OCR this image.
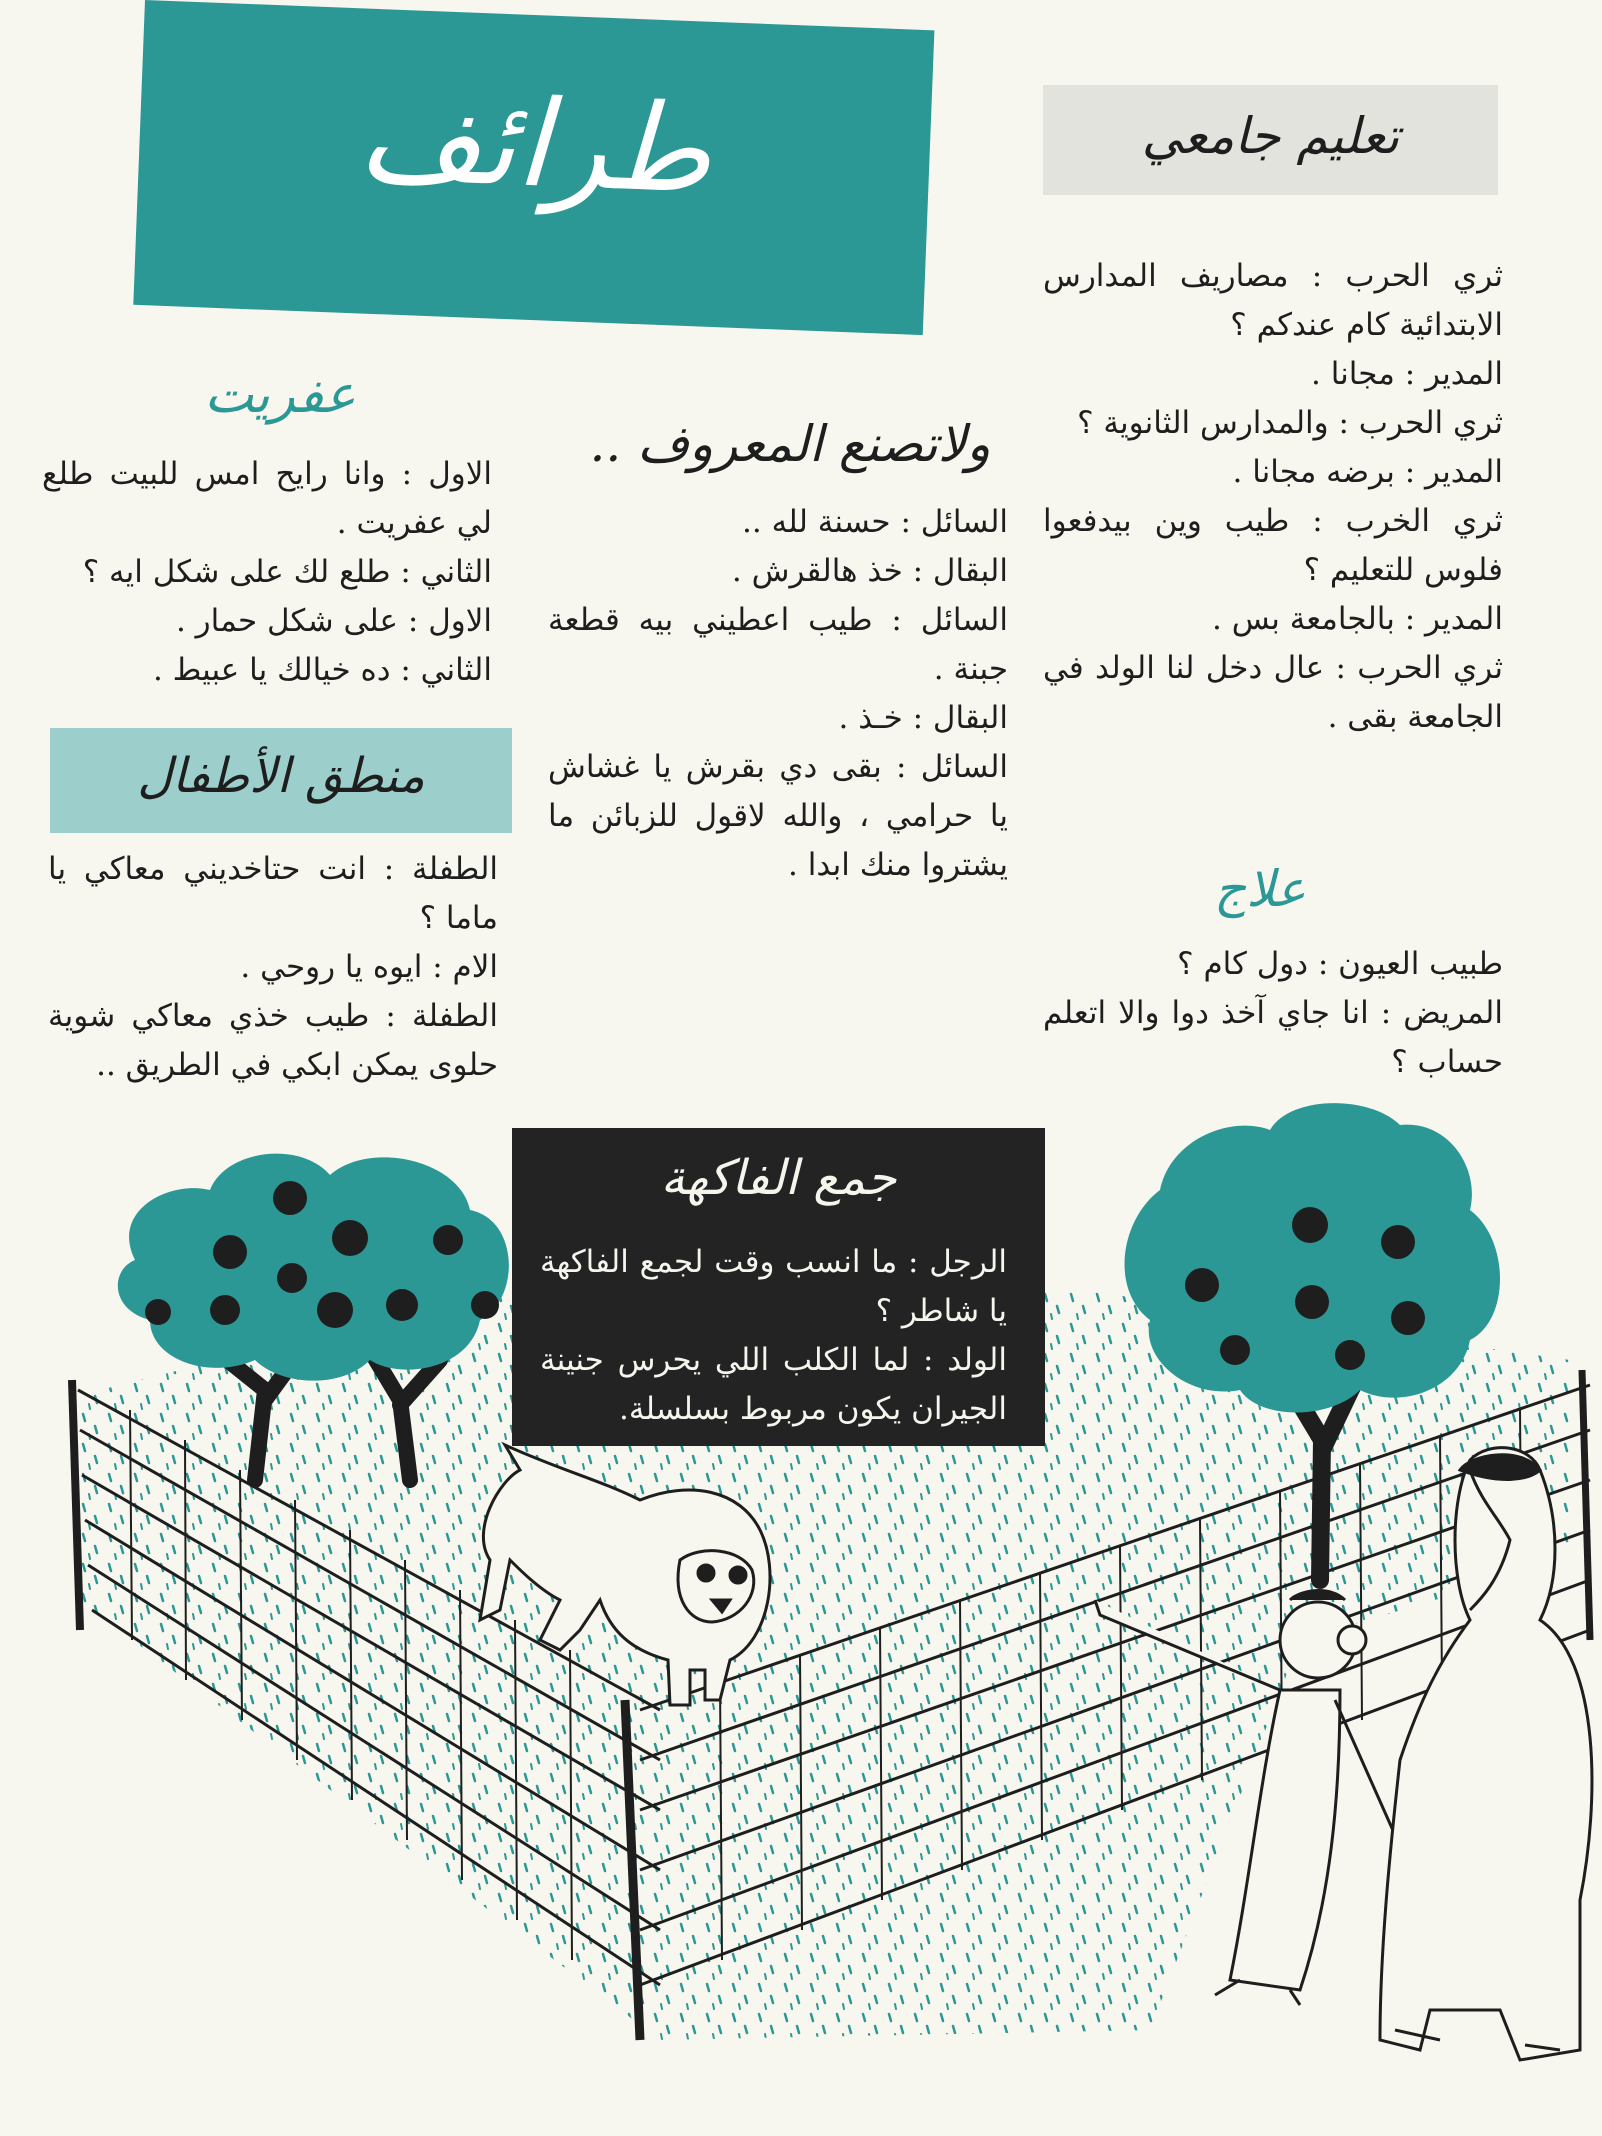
طرائف	تعليم جامعي

ثري الحرب : مصاريف المدارس الابتدائية كام عندكم ؟

المدير : مجانا .

ثري الحرب : والمدارس الثانوية ؟

المدير : برضه مجانا .

ثري الخرب : طيب وين بيدفعوا فلوس للتعليم ؟

المدير : بالجامعة بس .

ثري الحرب : عال دخل لنا الولد في الجامعة بقى .

عفريت

الاول : وانا رايح امس للبيت طلع لي عفريت .

الثاني : طلع لك على شكل ايه ؟

الاول : على شكل حمار .

الثاني : ده خيالك يا عبيط .

ولاتصنع المعروف ..

السائل : حسنة لله ..

البقال : خذ هالقرش .

السائل : طيب اعطيني بيه قطعة جبنة .

البقال : خـذ .

السائل : بقى دي بقرش يا غشاش يا حرامي ، والله لاقول للزبائن ما يشتروا منك ابدا .

منطق الأطفال

الطفلة : انت حتاخديني معاكي يا ماما ؟

الام : ايوه يا روحي .

الطفلة : طيب خذي معاكي شوية حلوى يمكن ابكي في الطريق ..

علاج

طبيب العيون : دول كام ؟

المريض : انا جاي آخذ دوا والا اتعلم حساب ؟

جمع الفاكهة

الرجل : ما انسب وقت لجمع الفاكهة يا شاطر ؟

الولد : لما الكلب اللي يحرس جنينة الجيران يكون مربوط بسلسلة.
